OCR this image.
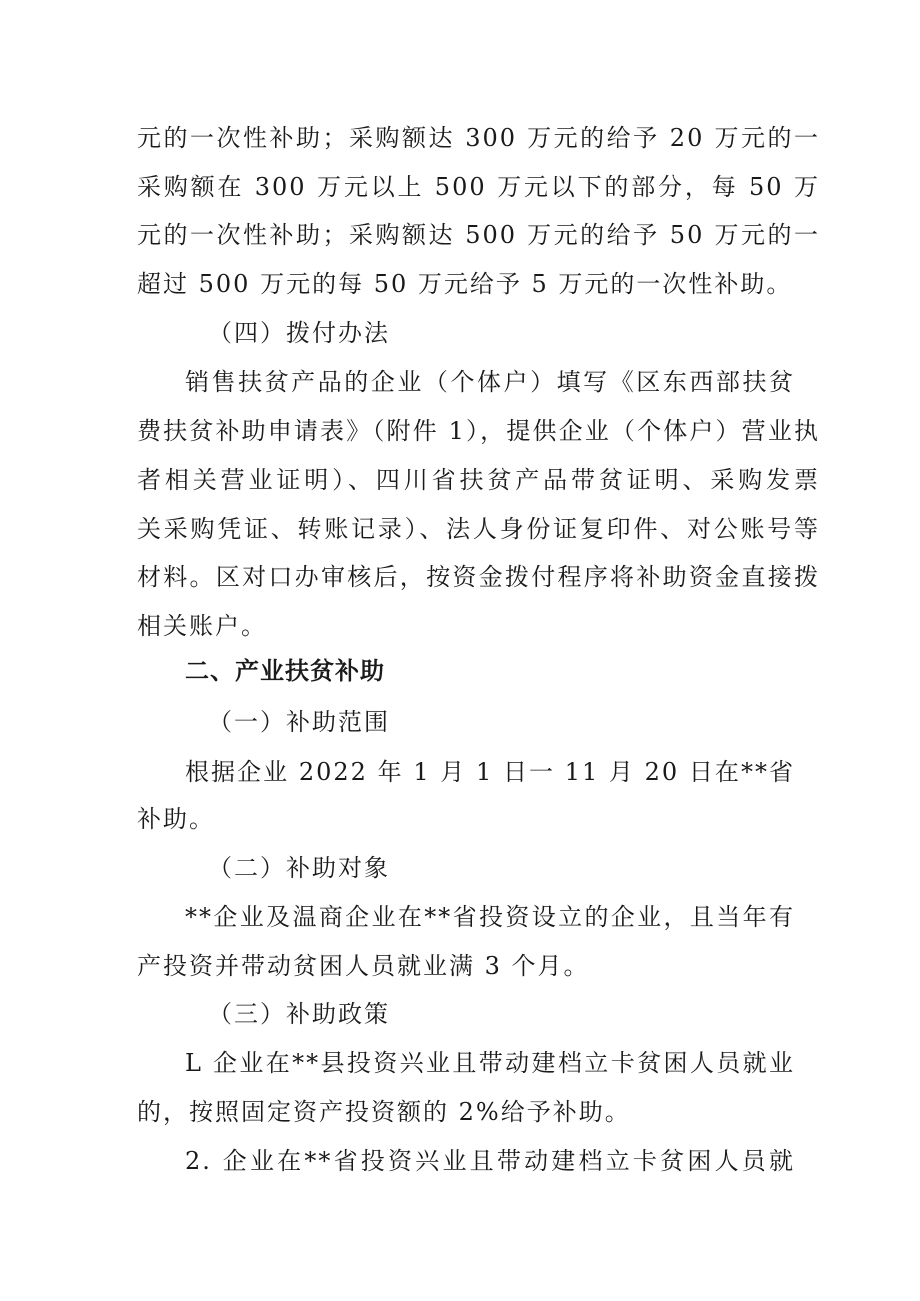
元的一次性补助；采购额达 300 万元的给予 20 万元的一
采购额在 300 万元以上 500 万元以下的部分，每 50 万
元的一次性补助；采购额达 500 万元的给予 50 万元的一
超过 500 万元的每 50 万元给予 5 万元的一次性补助。
（四）拨付办法
销售扶贫产品的企业（个体户）填写《区东西部扶贫
费扶贫补助申请表》（附件 1），提供企业（个体户）营业执
者相关营业证明）、四川省扶贫产品带贫证明、采购发票
关采购凭证、转账记录）、法人身份证复印件、对公账号等
材料。区对口办审核后，按资金拨付程序将补助资金直接拨
相关账户。
二、产业扶贫补助
（一）补助范围
根据企业 2022 年 1 月 1 日一 11 月 20 日在**省
补助。
（二）补助对象
**企业及温商企业在**省投资设立的企业，且当年有
产投资并带动贫困人员就业满 3 个月。
（三）补助政策
L 企业在**县投资兴业且带动建档立卡贫困人员就业
的，按照固定资产投资额的 2%给予补助。
2. 企业在**省投资兴业且带动建档立卡贫困人员就
